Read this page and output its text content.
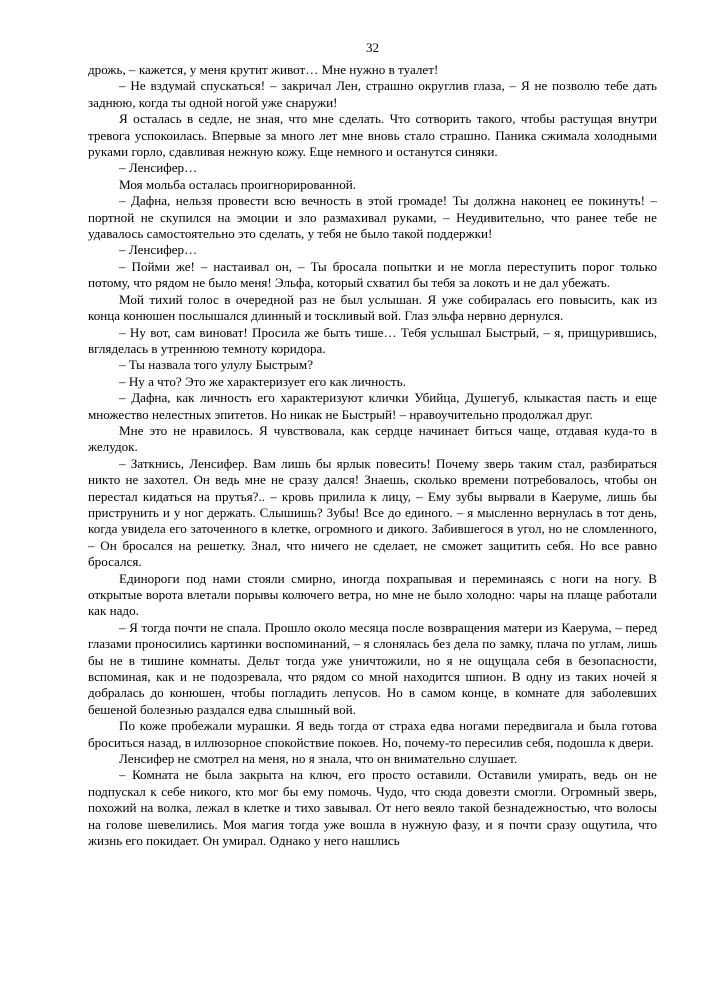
32

дрожь, – кажется, у меня крутит живот… Мне нужно в туалет!

– Не вздумай спускаться! – закричал Лен, страшно округлив глаза, – Я не позволю тебе дать заднюю, когда ты одной ногой уже снаружи!

Я осталась в седле, не зная, что мне сделать. Что сотворить такого, чтобы растущая внутри тревога успокоилась. Впервые за много лет мне вновь стало страшно. Паника сжимала холодными руками горло, сдавливая нежную кожу. Еще немного и останутся синяки.

– Ленсифер…

Моя мольба осталась проигнорированной.

– Дафна, нельзя провести всю вечность в этой громаде! Ты должна наконец ее покинуть! – портной не скупился на эмоции и зло размахивал руками, – Неудивительно, что ранее тебе не удавалось самостоятельно это сделать, у тебя не было такой поддержки!

– Ленсифер…

– Пойми же! – настаивал он, – Ты бросала попытки и не могла переступить порог только потому, что рядом не было меня! Эльфа, который схватил бы тебя за локоть и не дал убежать.

Мой тихий голос в очередной раз не был услышан. Я уже собиралась его повысить, как из конца конюшен послышался длинный и тоскливый вой. Глаз эльфа нервно дернулся.

– Ну вот, сам виноват! Просила же быть тише… Тебя услышал Быстрый, – я, прищурившись, вгляделась в утреннюю темноту коридора.

– Ты назвала того улулу Быстрым?

– Ну а что? Это же характеризует его как личность.

– Дафна, как личность его характеризуют клички Убийца, Душегуб, клыкастая пасть и еще множество нелестных эпитетов. Но никак не Быстрый! – нравоучительно продолжал друг.

Мне это не нравилось. Я чувствовала, как сердце начинает биться чаще, отдавая куда-то в желудок.

– Заткнись, Ленсифер. Вам лишь бы ярлык повесить! Почему зверь таким стал, разбираться никто не захотел. Он ведь мне не сразу дался! Знаешь, сколько времени потребовалось, чтобы он перестал кидаться на прутья?.. – кровь прилила к лицу, – Ему зубы вырвали в Каеруме, лишь бы приструнить и у ног держать. Слышишь? Зубы! Все до единого. – я мысленно вернулась в тот день, когда увидела его заточенного в клетке, огромного и дикого. Забившегося в угол, но не сломленного, – Он бросался на решетку. Знал, что ничего не сделает, не сможет защитить себя. Но все равно бросался.

Единороги под нами стояли смирно, иногда похрапывая и переминаясь с ноги на ногу. В открытые ворота влетали порывы колючего ветра, но мне не было холодно: чары на плаще работали как надо.

– Я тогда почти не спала. Прошло около месяца после возвращения матери из Каерума, – перед глазами проносились картинки воспоминаний, – я слонялась без дела по замку, плача по углам, лишь бы не в тишине комнаты. Дельт тогда уже уничтожили, но я не ощущала себя в безопасности, вспоминая, как и не подозревала, что рядом со мной находится шпион. В одну из таких ночей я добралась до конюшен, чтобы погладить лепусов. Но в самом конце, в комнате для заболевших бешеной болезнью раздался едва слышный вой.

По коже пробежали мурашки. Я ведь тогда от страха едва ногами передвигала и была готова броситься назад, в иллюзорное спокойствие покоев. Но, почему-то пересилив себя, подошла к двери.

Ленсифер не смотрел на меня, но я знала, что он внимательно слушает.

– Комната не была закрыта на ключ, его просто оставили. Оставили умирать, ведь он не подпускал к себе никого, кто мог бы ему помочь. Чудо, что сюда довезти смогли. Огромный зверь, похожий на волка, лежал в клетке и тихо завывал. От него веяло такой безнадежностью, что волосы на голове шевелились. Моя магия тогда уже вошла в нужную фазу, и я почти сразу ощутила, что жизнь его покидает. Он умирал. Однако у него нашлись
